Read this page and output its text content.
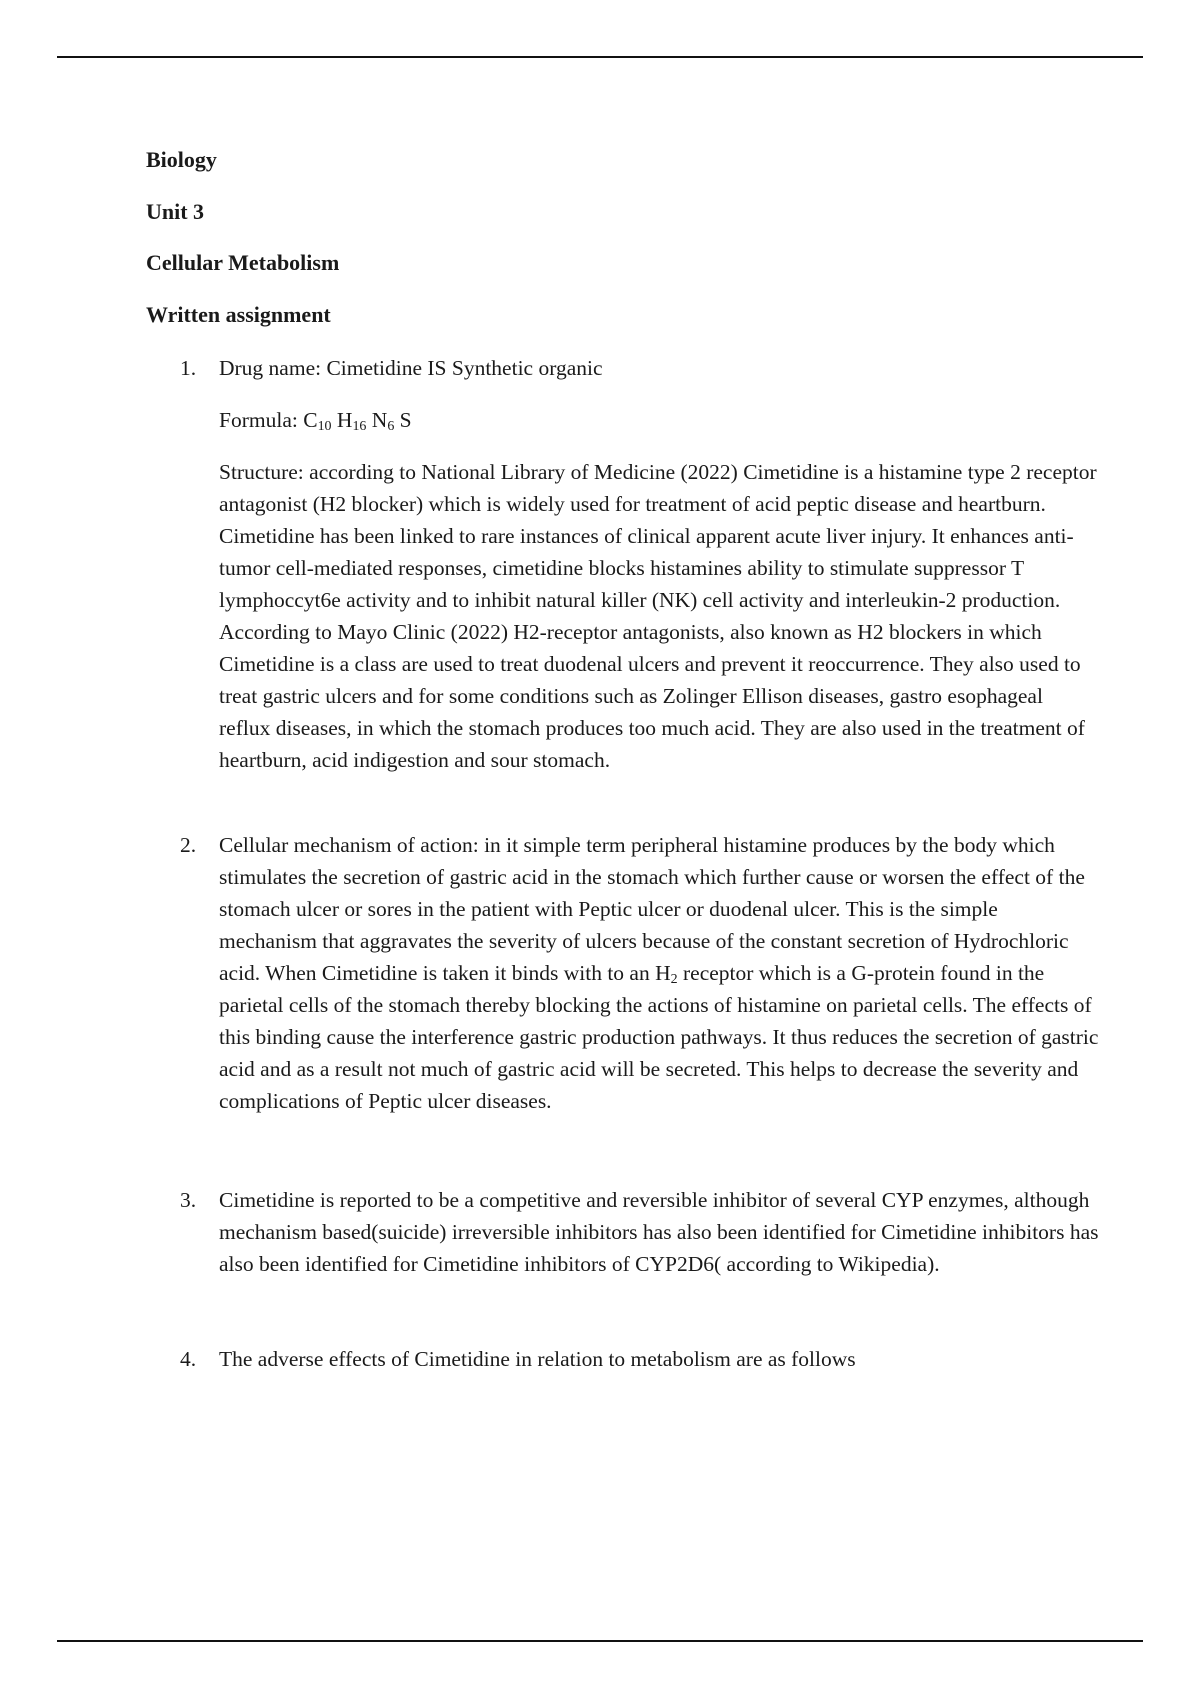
Biology

Unit 3

Cellular Metabolism

Written assignment

1.	Drug name: Cimetidine IS Synthetic organic

Formula: $C_{10}$ $H_{16}$ $N_6$ S

Structure: according to National Library of Medicine (2022) Cimetidine is a histamine type 2 receptor antagonist (H2 blocker) which is widely used for treatment of acid peptic disease and heartburn. Cimetidine has been linked to rare instances of clinical apparent acute liver injury. It enhances anti-tumor cell-mediated responses, cimetidine blocks histamines ability to stimulate suppressor T lymphoccyt6e activity and to inhibit natural killer (NK) cell activity and interleukin-2 production. According to Mayo Clinic (2022) H2-receptor antagonists, also known as H2 blockers in which Cimetidine is a class are used to treat duodenal ulcers and prevent it reoccurrence. They also used to treat gastric ulcers and for some conditions such as Zolinger Ellison diseases, gastro esophageal reflux diseases, in which the stomach produces too much acid. They are also used in the treatment of heartburn, acid indigestion and sour stomach.

2.	Cellular mechanism of action: in it simple term peripheral histamine produces by the body which stimulates the secretion of gastric acid in the stomach which further cause or worsen the effect of the stomach ulcer or sores in the patient with Peptic ulcer or duodenal ulcer. This is the simple mechanism that aggravates the severity of ulcers because of the constant secretion of Hydrochloric acid. When Cimetidine is taken it binds with to an $H_2$ receptor which is a G-protein found in the parietal cells of the stomach thereby blocking the actions of histamine on parietal cells. The effects of this binding cause the interference gastric production pathways. It thus reduces the secretion of gastric acid and as a result not much of gastric acid will be secreted. This helps to decrease the severity and complications of Peptic ulcer diseases.

3.	Cimetidine is reported to be a competitive and reversible inhibitor of several CYP enzymes, although mechanism based(suicide) irreversible inhibitors has also been identified for Cimetidine inhibitors has also been identified for Cimetidine inhibitors of CYP2D6( according to Wikipedia).

4.	The adverse effects of Cimetidine in relation to metabolism are as follows
